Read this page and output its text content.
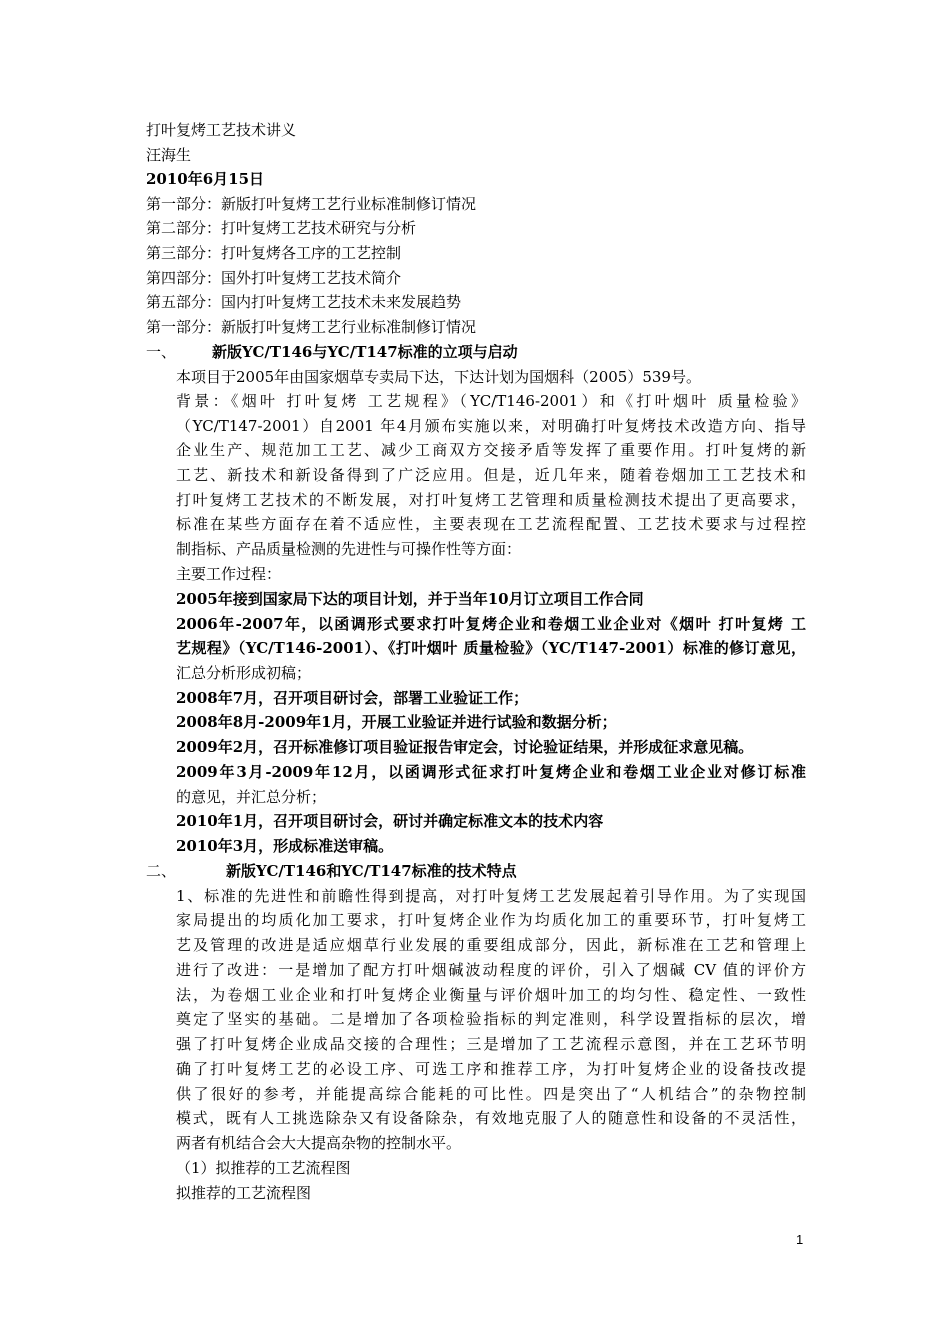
打叶复烤工艺技术讲义
汪海生
2010年6月15日
第一部分：新版打叶复烤工艺行业标准制修订情况
第二部分：打叶复烤工艺技术研究与分析
第三部分：打叶复烤各工序的工艺控制
第四部分：国外打叶复烤工艺技术简介
第五部分：国内打叶复烤工艺技术未来发展趋势
第一部分：新版打叶复烤工艺行业标准制修订情况
一、 新版YC/T146与YC/T147标准的立项与启动
本项目于2005年由国家烟草专卖局下达，下达计划为国烟科（2005）539号。
背景：《烟叶 打叶复烤 工艺规程》（YC/T146-2001）和《打叶烟叶 质量检验》
（YC/T147-2001）自2001 年4月颁布实施以来，对明确打叶复烤技术改造方向、指导
企业生产、规范加工工艺、减少工商双方交接矛盾等发挥了重要作用。打叶复烤的新
工艺、新技术和新设备得到了广泛应用。但是，近几年来，随着卷烟加工工艺技术和
打叶复烤工艺技术的不断发展，对打叶复烤工艺管理和质量检测技术提出了更高要求，
标准在某些方面存在着不适应性，主要表现在工艺流程配置、工艺技术要求与过程控
制指标、产品质量检测的先进性与可操作性等方面：
主要工作过程：
2005年接到国家局下达的项目计划，并于当年10月订立项目工作合同
2006年-2007年，以函调形式要求打叶复烤企业和卷烟工业企业对《烟叶 打叶复烤 工
艺规程》（YC/T146-2001）、《打叶烟叶 质量检验》（YC/T147-2001）标准的修订意见，
汇总分析形成初稿；
2008年7月，召开项目研讨会，部署工业验证工作；
2008年8月-2009年1月，开展工业验证并进行试验和数据分析；
2009年2月，召开标准修订项目验证报告审定会，讨论验证结果，并形成征求意见稿。
2009年3月-2009年12月，以函调形式征求打叶复烤企业和卷烟工业企业对修订标准
的意见，并汇总分析；
2010年1月，召开项目研讨会，研讨并确定标准文本的技术内容
2010年3月，形成标准送审稿。
二、	新版YC/T146和YC/T147标准的技术特点
1、标准的先进性和前瞻性得到提高，对打叶复烤工艺发展起着引导作用。为了实现国
家局提出的均质化加工要求，打叶复烤企业作为均质化加工的重要环节，打叶复烤工
艺及管理的改进是适应烟草行业发展的重要组成部分，因此，新标准在工艺和管理上
进行了改进：一是增加了配方打叶烟碱波动程度的评价，引入了烟碱 CV 值的评价方
法，为卷烟工业企业和打叶复烤企业衡量与评价烟叶加工的均匀性、稳定性、一致性
奠定了坚实的基础。二是增加了各项检验指标的判定准则，科学设置指标的层次，增
强了打叶复烤企业成品交接的合理性；三是增加了工艺流程示意图，并在工艺环节明
确了打叶复烤工艺的必设工序、可选工序和推荐工序，为打叶复烤企业的设备技改提
供了很好的参考，并能提高综合能耗的可比性。四是突出了“人机结合”的杂物控制
模式，既有人工挑选除杂又有设备除杂，有效地克服了人的随意性和设备的不灵活性，
两者有机结合会大大提高杂物的控制水平。
（1）拟推荐的工艺流程图
拟推荐的工艺流程图
1
